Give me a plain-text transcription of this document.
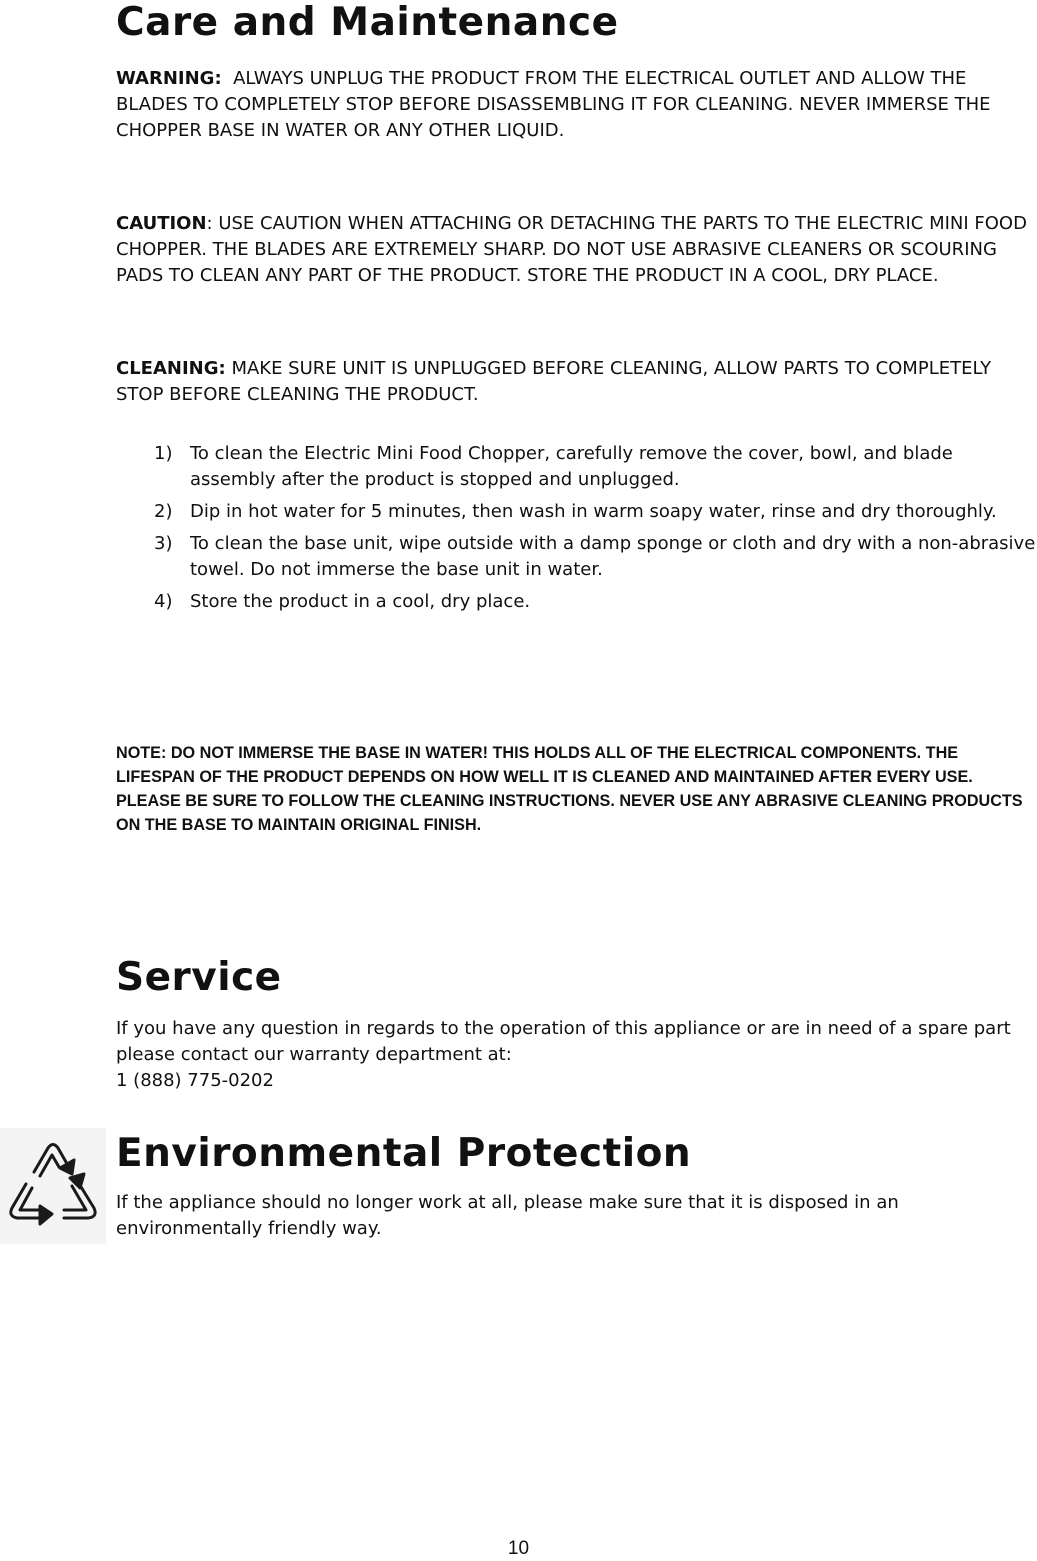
Care and Maintenance

WARNING:  ALWAYS UNPLUG THE PRODUCT FROM THE ELECTRICAL OUTLET AND ALLOW THE BLADES TO COMPLETELY STOP BEFORE DISASSEMBLING IT FOR CLEANING. NEVER IMMERSE THE CHOPPER BASE IN WATER OR ANY OTHER LIQUID.

CAUTION: USE CAUTION WHEN ATTACHING OR DETACHING THE PARTS TO THE ELECTRIC MINI FOOD CHOPPER. THE BLADES ARE EXTREMELY SHARP. DO NOT USE ABRASIVE CLEANERS OR SCOURING PADS TO CLEAN ANY PART OF THE PRODUCT. STORE THE PRODUCT IN A COOL, DRY PLACE.

CLEANING: MAKE SURE UNIT IS UNPLUGGED BEFORE CLEANING, ALLOW PARTS TO COMPLETELY STOP BEFORE CLEANING THE PRODUCT.

1) To clean the Electric Mini Food Chopper, carefully remove the cover, bowl, and blade assembly after the product is stopped and unplugged.
2) Dip in hot water for 5 minutes, then wash in warm soapy water, rinse and dry thoroughly.
3) To clean the base unit, wipe outside with a damp sponge or cloth and dry with a non-abrasive towel. Do not immerse the base unit in water.
4) Store the product in a cool, dry place.

NOTE: DO NOT IMMERSE THE BASE IN WATER! THIS HOLDS ALL OF THE ELECTRICAL COMPONENTS. THE LIFESPAN OF THE PRODUCT DEPENDS ON HOW WELL IT IS CLEANED AND MAINTAINED AFTER EVERY USE. PLEASE BE SURE TO FOLLOW THE CLEANING INSTRUCTIONS. NEVER USE ANY ABRASIVE CLEANING PRODUCTS ON THE BASE TO MAINTAIN ORIGINAL FINISH.

Service

If you have any question in regards to the operation of this appliance or are in need of a spare part please contact our warranty department at:

1 (888) 775-0202

Environmental Protection

If the appliance should no longer work at all, please make sure that it is disposed in an environmentally friendly way.

10
